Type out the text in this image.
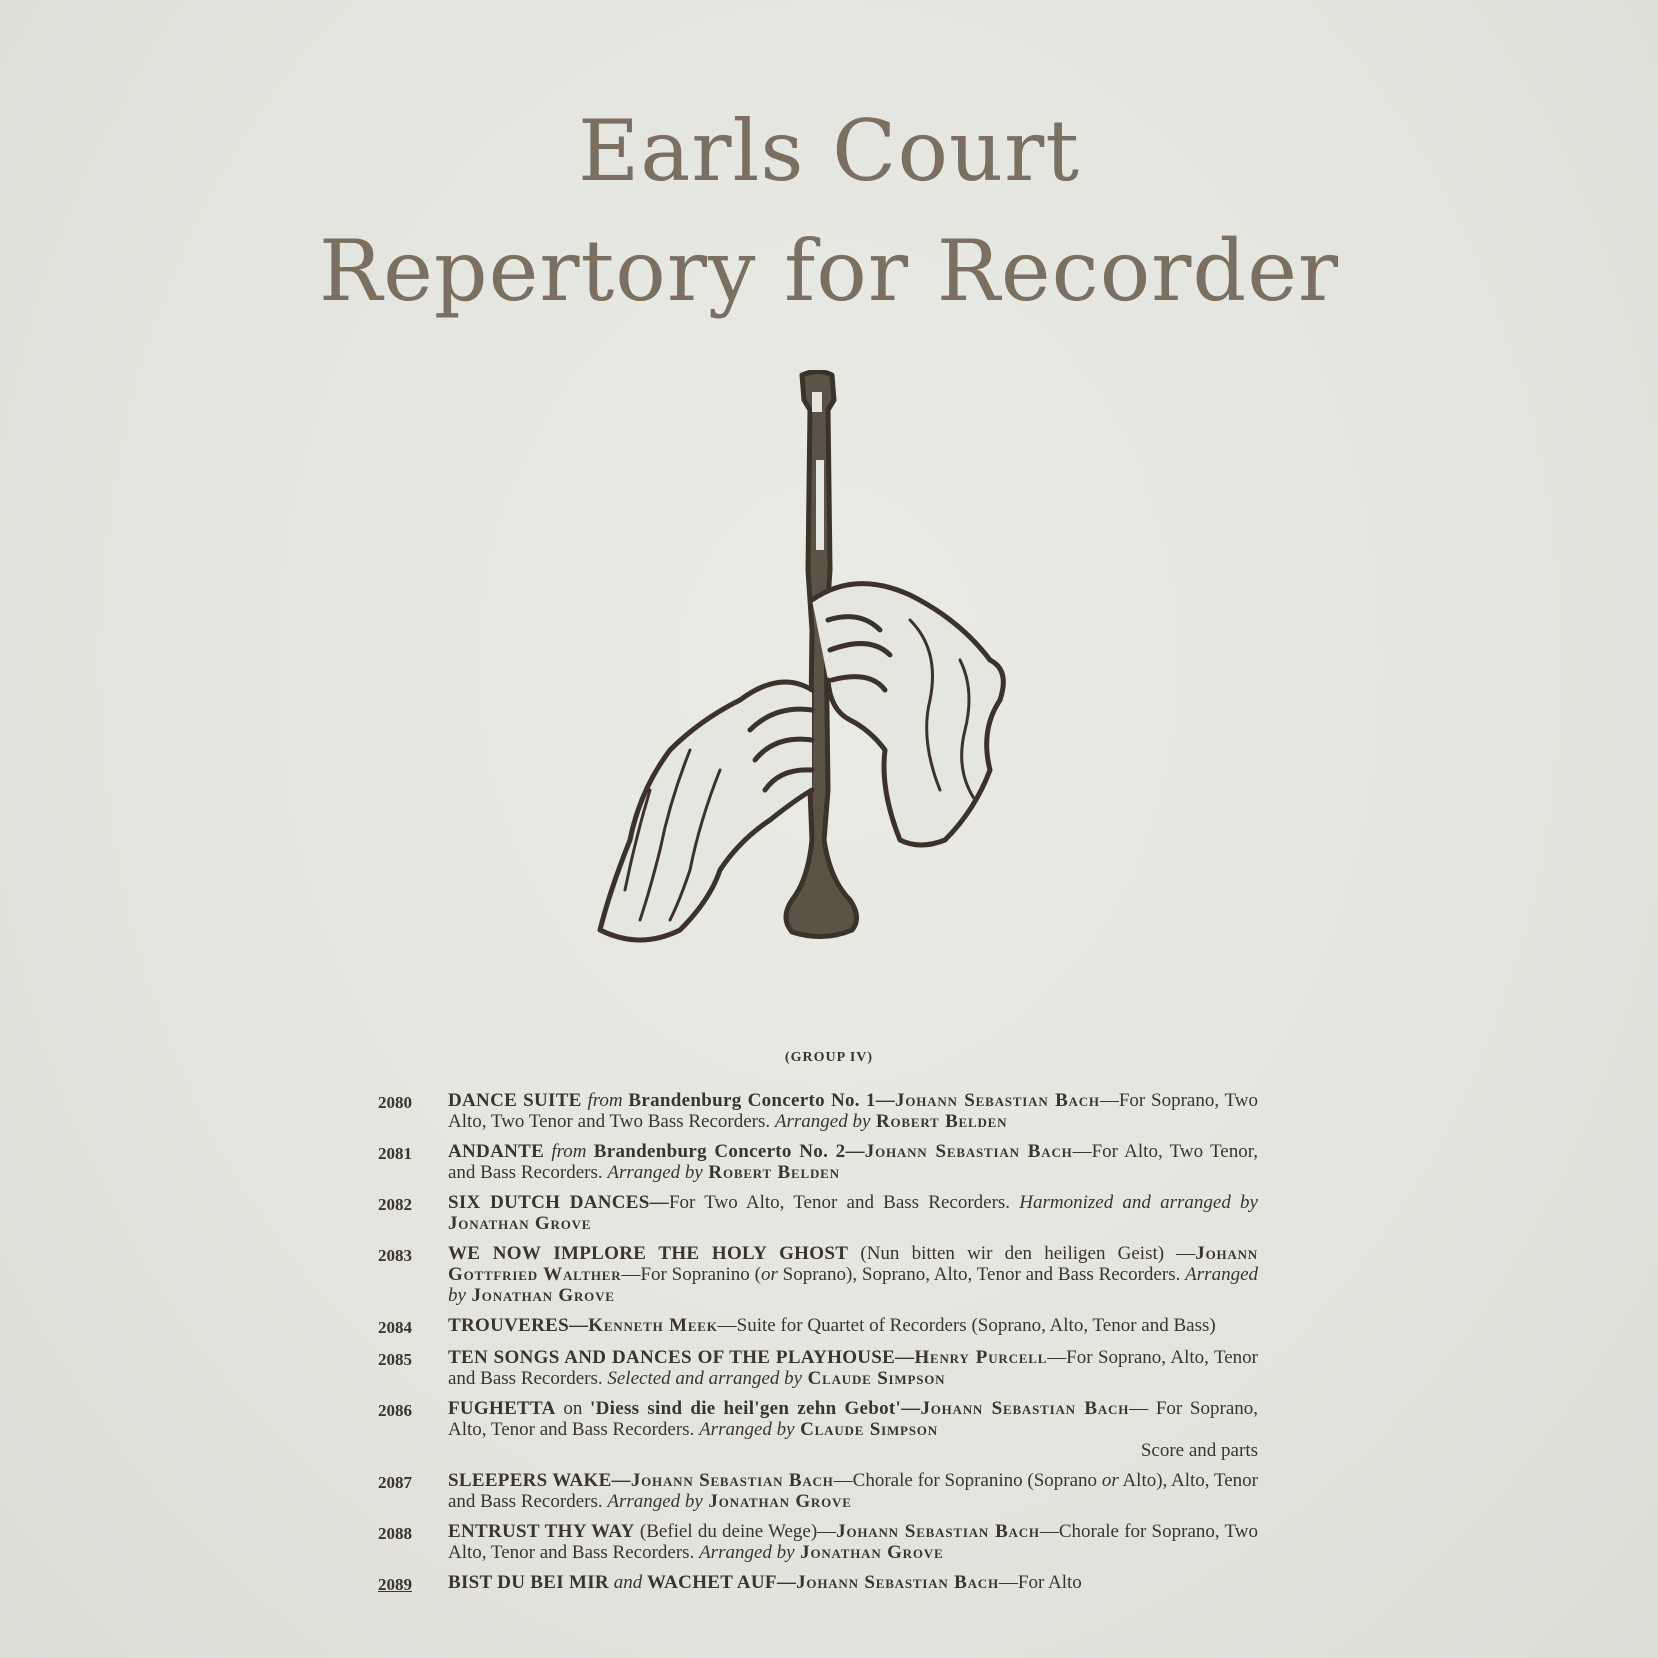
Earls Court
Repertory for Recorder
(GROUP IV)
2080	DANCE SUITE from Brandenburg Concerto No. 1—Johann Sebastian Bach—For Soprano, Two Alto, Two Tenor and Two Bass Recorders. Arranged by Robert Belden
2081	ANDANTE from Brandenburg Concerto No. 2—Johann Sebastian Bach—For Alto, Two Tenor, and Bass Recorders. Arranged by Robert Belden
2082	SIX DUTCH DANCES—For Two Alto, Tenor and Bass Recorders. Harmonized and arranged by Jonathan Grove
2083	WE NOW IMPLORE THE HOLY GHOST (Nun bitten wir den heiligen Geist) —Johann Gottfried Walther—For Sopranino (or Soprano), Soprano, Alto, Tenor and Bass Recorders. Arranged by Jonathan Grove
2084	TROUVERES—Kenneth Meek—Suite for Quartet of Recorders (Soprano, Alto, Tenor and Bass)
2085	TEN SONGS AND DANCES OF THE PLAYHOUSE—Henry Purcell—For Soprano, Alto, Tenor and Bass Recorders. Selected and arranged by Claude Simpson
2086	FUGHETTA on 'Diess sind die heil'gen zehn Gebot'—Johann Sebastian Bach— For Soprano, Alto, Tenor and Bass Recorders. Arranged by Claude Simpson
Score and parts
2087	SLEEPERS WAKE—Johann Sebastian Bach—Chorale for Sopranino (Soprano or Alto), Alto, Tenor and Bass Recorders. Arranged by Jonathan Grove
2088	ENTRUST THY WAY (Befiel du deine Wege)—Johann Sebastian Bach—Chorale for Soprano, Two Alto, Tenor and Bass Recorders. Arranged by Jonathan Grove
2089	BIST DU BEI MIR and WACHET AUF—Johann Sebastian Bach—For Alto
